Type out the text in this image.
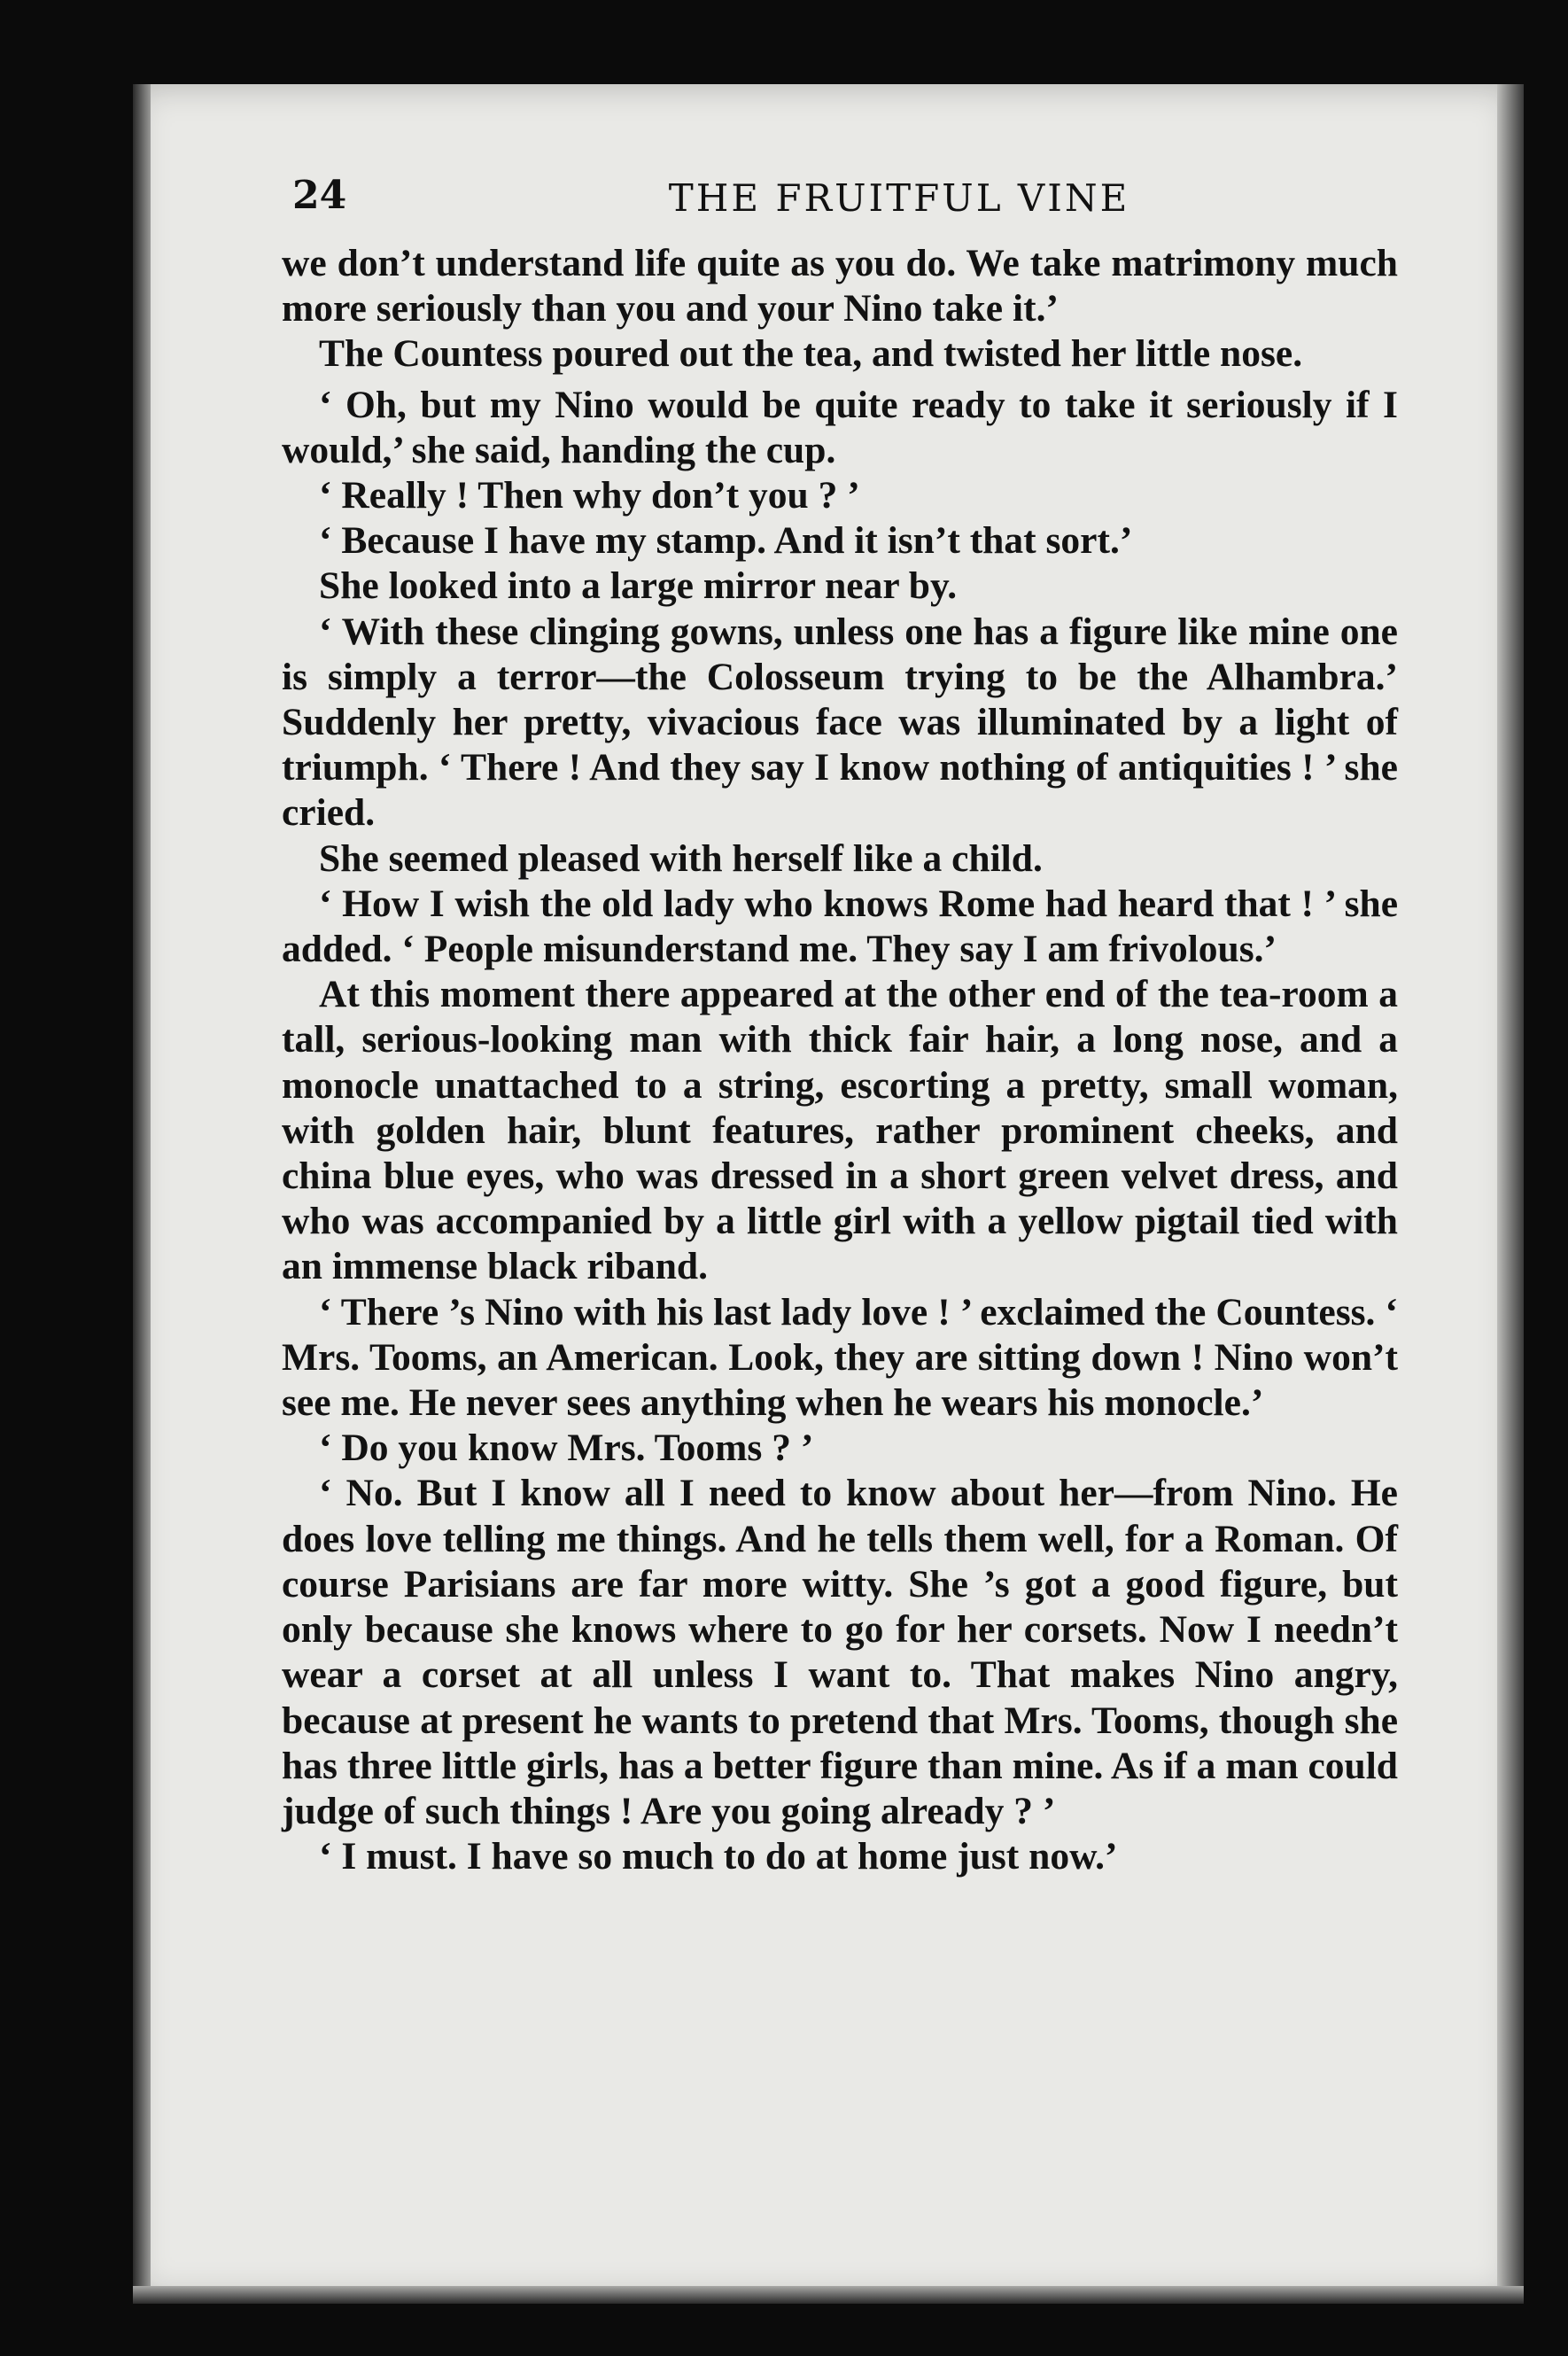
24	THE FRUITFUL VINE

we don’t understand life quite as you do. We take matrimony much more seriously than you and your Nino take it.’

The Countess poured out the tea, and twisted her little nose.

‘ Oh, but my Nino would be quite ready to take it seriously if I would,’ she said, handing the cup.

‘ Really ! Then why don’t you ? ’

‘ Because I have my stamp. And it isn’t that sort.’

She looked into a large mirror near by.

‘ With these clinging gowns, unless one has a figure like mine one is simply a terror—the Colosseum trying to be the Alhambra.’ Suddenly her pretty, vivacious face was illuminated by a light of triumph. ‘ There ! And they say I know nothing of antiquities ! ’ she cried.

She seemed pleased with herself like a child.

‘ How I wish the old lady who knows Rome had heard that ! ’ she added. ‘ People misunderstand me. They say I am frivolous.’

At this moment there appeared at the other end of the tea-room a tall, serious-looking man with thick fair hair, a long nose, and a monocle unattached to a string, escorting a pretty, small woman, with golden hair, blunt features, rather prominent cheeks, and china blue eyes, who was dressed in a short green velvet dress, and who was accompanied by a little girl with a yellow pigtail tied with an immense black riband.

‘ There ’s Nino with his last lady love ! ’ exclaimed the Countess. ‘ Mrs. Tooms, an American. Look, they are sitting down ! Nino won’t see me. He never sees anything when he wears his monocle.’

‘ Do you know Mrs. Tooms ? ’

‘ No. But I know all I need to know about her—from Nino. He does love telling me things. And he tells them well, for a Roman. Of course Parisians are far more witty. She ’s got a good figure, but only because she knows where to go for her corsets. Now I needn’t wear a corset at all unless I want to. That makes Nino angry, because at present he wants to pretend that Mrs. Tooms, though she has three little girls, has a better figure than mine. As if a man could judge of such things ! Are you going already ? ’

‘ I must. I have so much to do at home just now.’
